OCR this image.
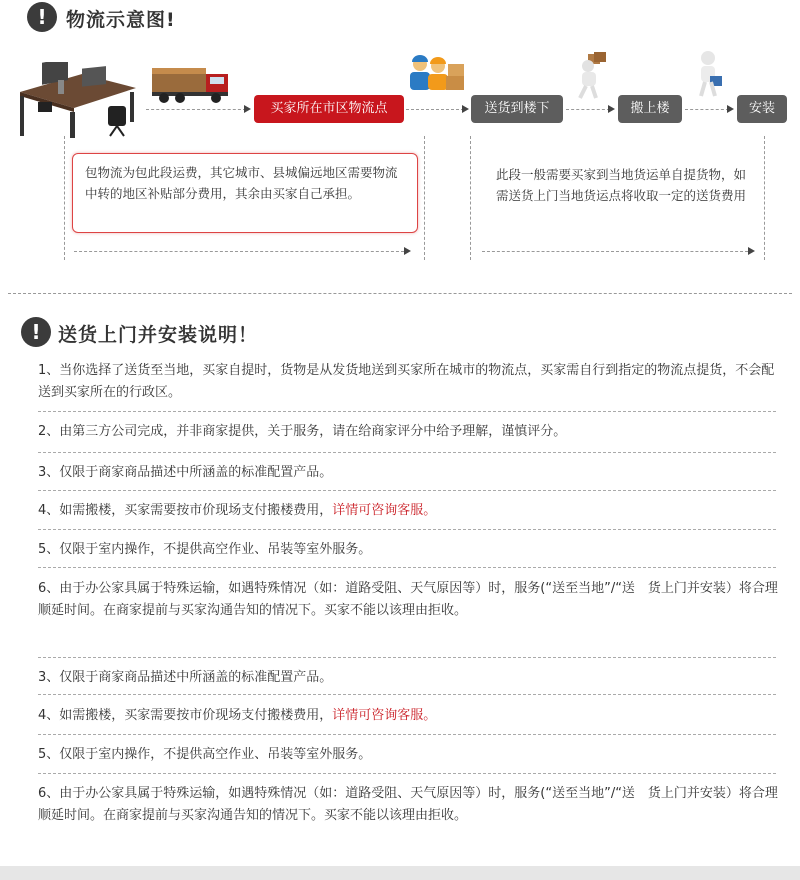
!	物流示意图!
买家所在市区物流点	送货到楼下	搬上楼	安装
包物流为包此段运费，其它城市、县城偏远地区需要物流中转的地区补贴部分费用，其余由买家自己承担。
此段一般需要买家到当地货运单自提货物，如需送货上门当地货运点将收取一定的送货费用
! 送货上门并安装说明！
1、当你选择了送货至当地，买家自提时，货物是从发货地送到买家所在城市的物流点，买家需自行到指定的物流点提货，不会配送到买家所在的行政区。
2、由第三方公司完成，并非商家提供，关于服务，请在给商家评分中给予理解，谨慎评分。
3、仅限于商家商品描述中所涵盖的标准配置产品。
4、如需搬楼，买家需要按市价现场支付搬楼费用，详情可咨询客服。
5、仅限于室内操作，不提供高空作业、吊装等室外服务。
6、由于办公家具属于特殊运输，如遇特殊情况（如：道路受阻、天气原因等）时，服务(“送至当地”/“送　货上门并安装）将合理顺延时间。在商家提前与买家沟通告知的情况下。买家不能以该理由拒收。
3、仅限于商家商品描述中所涵盖的标准配置产品。
4、如需搬楼，买家需要按市价现场支付搬楼费用，详情可咨询客服。
5、仅限于室内操作，不提供高空作业、吊装等室外服务。
6、由于办公家具属于特殊运输，如遇特殊情况（如：道路受阻、天气原因等）时，服务(“送至当地”/“送　货上门并安装）将合理顺延时间。在商家提前与买家沟通告知的情况下。买家不能以该理由拒收。
